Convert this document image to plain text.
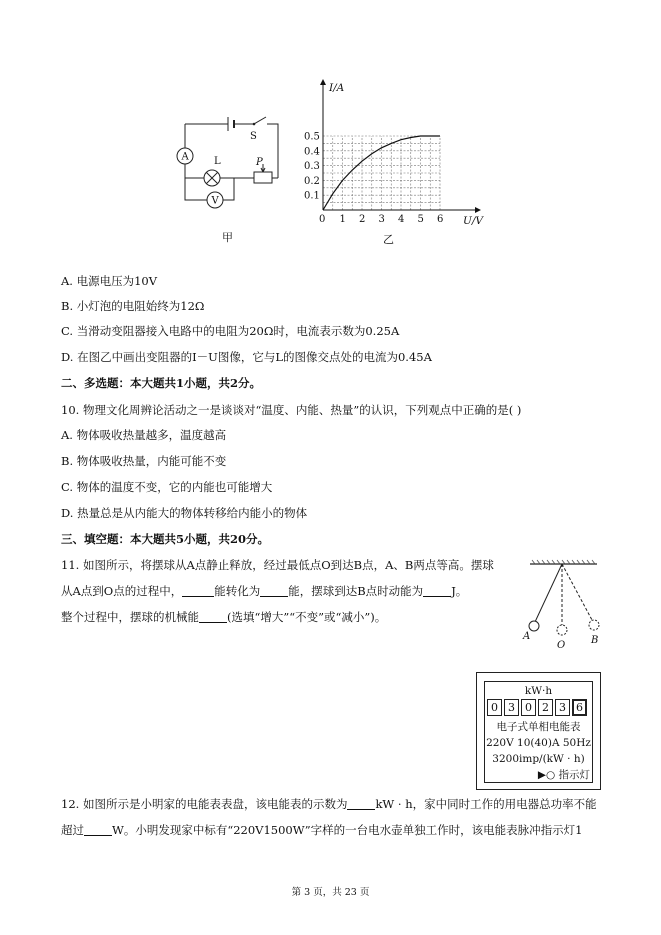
A
V
S
L	P
甲
1 2 3 4 5 6
0.1
0.2
0.3
0.4
0.5
0	U/V
I/A
乙
A. 电源电压为10V
B. 小灯泡的电阻始终为12Ω
C. 当滑动变阻器接入电路中的电阻为20Ω时，电流表示数为0.25A
D. 在图乙中画出变阻器的I－U图像，它与L的图像交点处的电流为0.45A
二、多选题：本大题共1小题，共2分。
10. 物理文化周辨论活动之一是谈谈对“温度、内能、热量”的认识，下列观点中正确的是( )
A. 物体吸收热量越多，温度越高
B. 物体吸收热量，内能可能不变
C. 物体的温度不变，它的内能也可能增大
D. 热量总是从内能大的物体转移给内能小的物体
三、填空题：本大题共5小题，共20分。
11. 如图所示，将摆球从A点静止释放，经过最低点O到达B点，A、B两点等高。摆球
从A点到O点的过程中，	能转化为 能，摆球到达B点时动能为 J。
整个过程中，摆球的机械能 (选填“增大”“不变”或“减小”)。
A
O	B
kW·h
0 3 0 2 3 6
电子式单相电能表
220V 10(40)A 50Hz
3200imp/(kW · h)
▶○ 指示灯
12. 如图所示是小明家的电能表表盘，该电能表的示数为 kW · h，家中同时工作的用电器总功率不能
超过 W。小明发现家中标有“220V1500W”字样的一台电水壶单独工作时，该电能表脉冲指示灯1
第 3 页，共 23 页
